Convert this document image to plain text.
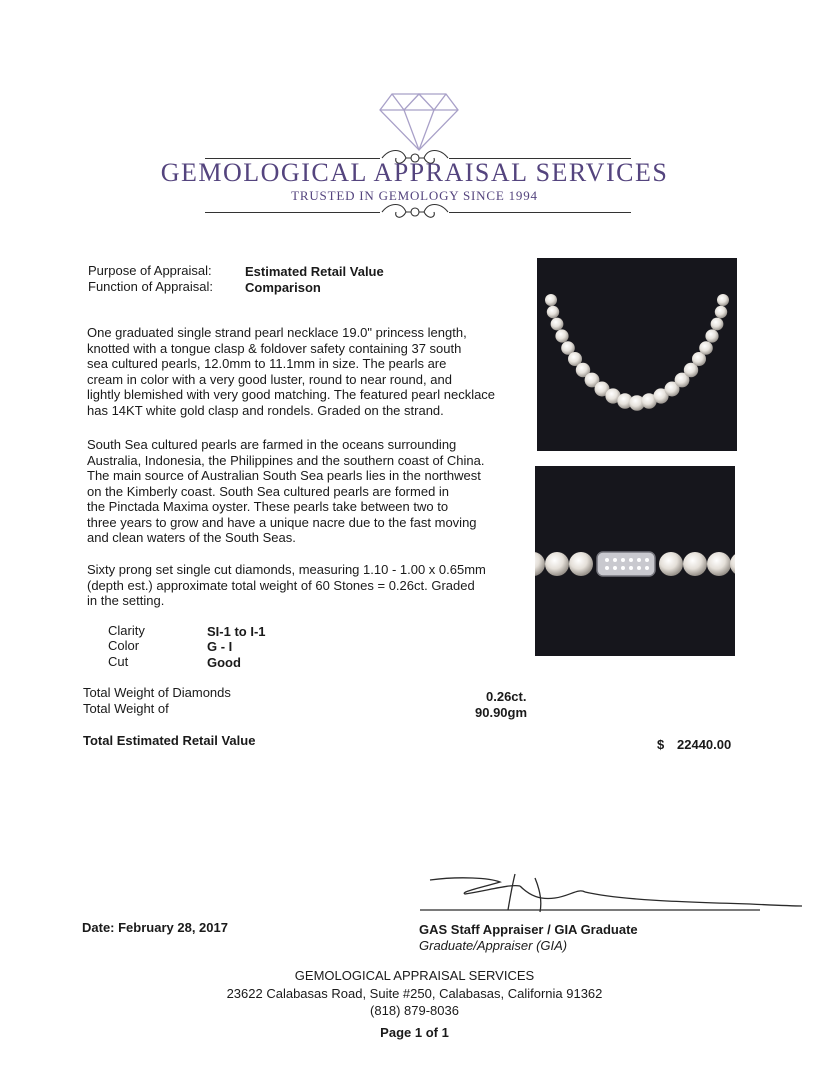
GEMOLOGICAL APPRAISAL SERVICES
TRUSTED IN GEMOLOGY SINCE 1994
Purpose of Appraisal:	Estimated Retail Value
Function of Appraisal: Comparison
One graduated single strand pearl necklace 19.0" princess length,
knotted with a tongue clasp & foldover safety containing 37 south
sea cultured pearls, 12.0mm to 11.1mm in size. The pearls are
cream in color with a very good luster, round to near round, and
lightly blemished with very good matching. The featured pearl necklace
has 14KT white gold clasp and rondels. Graded on the strand.
South Sea cultured pearls are farmed in the oceans surrounding
Australia, Indonesia, the Philippines and the southern coast of China.
The main source of Australian South Sea pearls lies in the northwest
on the Kimberly coast. South Sea cultured pearls are formed in
the Pinctada Maxima oyster. These pearls take between two to
three years to grow and have a unique nacre due to the fast moving
and clean waters of the South Seas.
Sixty prong set single cut diamonds, measuring 1.10 - 1.00 x 0.65mm
(depth est.) approximate total weight of 60 Stones = 0.26ct. Graded
in the setting.
Clarity	SI-1 to I-1
Color	G - I
Cut	Good
Total Weight of Diamonds	0.26ct.
Total Weight of	90.90gm
Total Estimated Retail Value	$ 22440.00
Date: February 28, 2017	GAS Staff Appraiser / GIA Graduate
Graduate/Appraiser (GIA)
GEMOLOGICAL APPRAISAL SERVICES
23622 Calabasas Road, Suite #250, Calabasas, California 91362
(818) 879-8036
Page 1 of 1
